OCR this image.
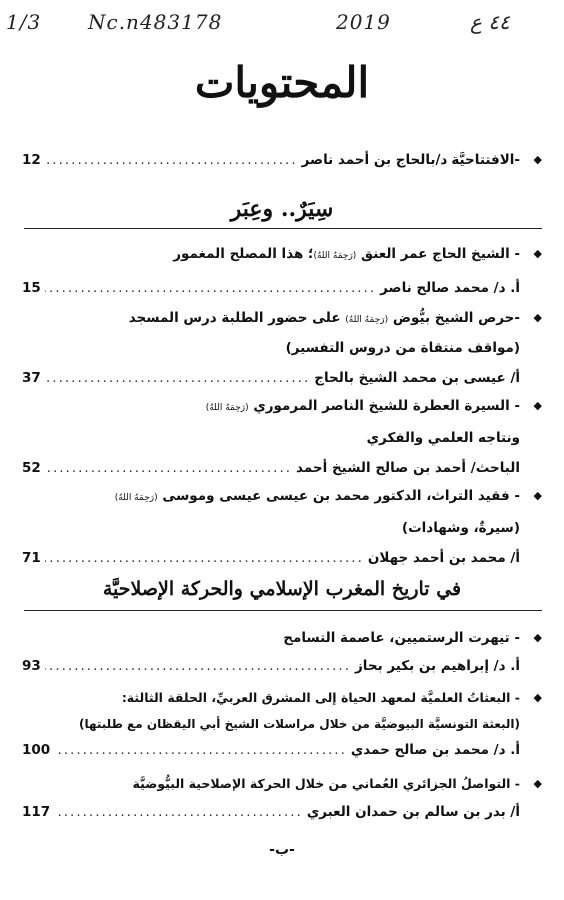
1/3 Nc.n483178	2019	٤٤ ع
المحتويات
◆
-الافتتاحيَّة
د/بالحاج بن أحمد ناصر
.....
12
سِيَرٌ.. وعِبَر
◆
- الشيخ الحاج عمر العنق (رَحِمَهُ اللهُ)؛ هذا المصلح المغمور
أ. د/ محمد صالح ناصر
.....
15
◆
-حرص الشيخ بيُّوض (رَحِمَهُ اللهُ) على حضور الطلبة درس المسجد
(مواقف منتقاة من دروس التفسير)
أ/ عيسى بن محمد الشيخ بالحاج
.....
37
◆
- السيرة العطرة للشيخ الناصر المرموري (رَحِمَهُ اللهُ)
ونتاجه العلمي والفكري
الباحث/ أحمد بن صالح الشيخ أحمد
.....
52
◆
- فقيد التراث، الدكتور محمد بن عيسى عيسى وموسى (رَحِمَهُ اللهُ)
(سيرةٌ، وشهادات)
أ/ محمد بن أحمد جهلان
.....
71
في تاريخ المغرب الإسلامي والحركة الإصلاحيَّة
◆
- تيهرت الرستميين، عاصمة التسامح
أ. د/ إبراهيم بن بكير بحاز
.....
93
◆
- البعثاتُ العلميَّة لمعهد الحياة إلى المشرق العربيِّ، الحلقة الثالثة:
(البعثة التونسيَّة البيوضيَّة من خلال مراسلات الشيخ أبي اليقظان مع طلبتها)
أ. د/ محمد بن صالح حمدي
.....
100
◆
- التواصلُ الجزائري العُماني من خلال الحركة الإصلاحية البيُّوضيَّة
أ/ بدر بن سالم بن حمدان العبري
.....
117
-ب-
